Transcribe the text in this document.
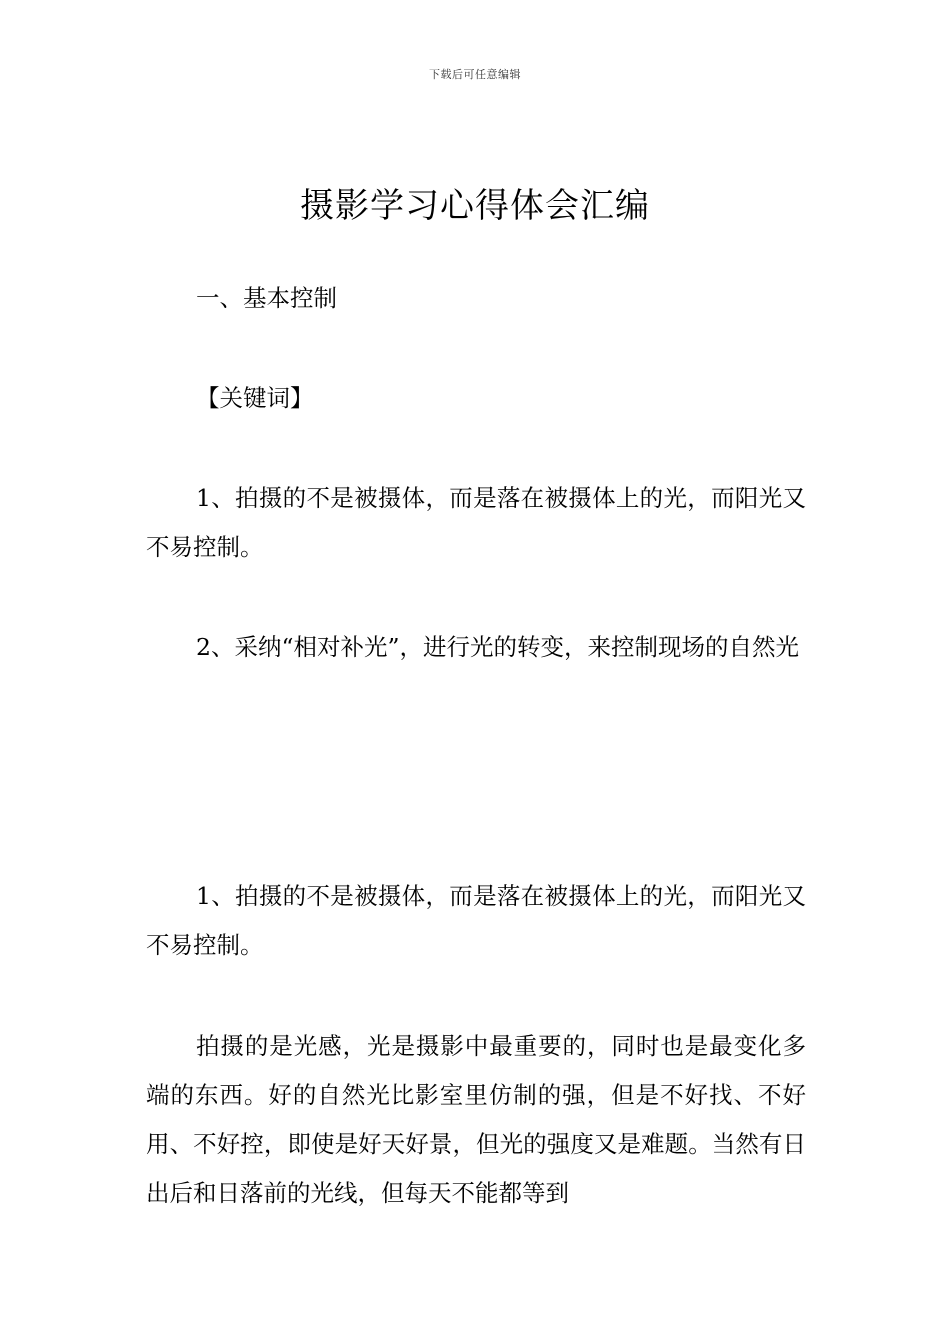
下载后可任意编辑
摄影学习心得体会汇编

一、基本控制

【关键词】

1、拍摄的不是被摄体，而是落在被摄体上的光，而阳光又不易控制。

2、采纳“相对补光”，进行光的转变，来控制现场的自然光

1、拍摄的不是被摄体，而是落在被摄体上的光，而阳光又不易控制。

拍摄的是光感，光是摄影中最重要的，同时也是最变化多端的东西。好的自然光比影室里仿制的强，但是不好找、不好用、不好控，即使是好天好景，但光的强度又是难题。当然有日出后和日落前的光线，但每天不能都等到
